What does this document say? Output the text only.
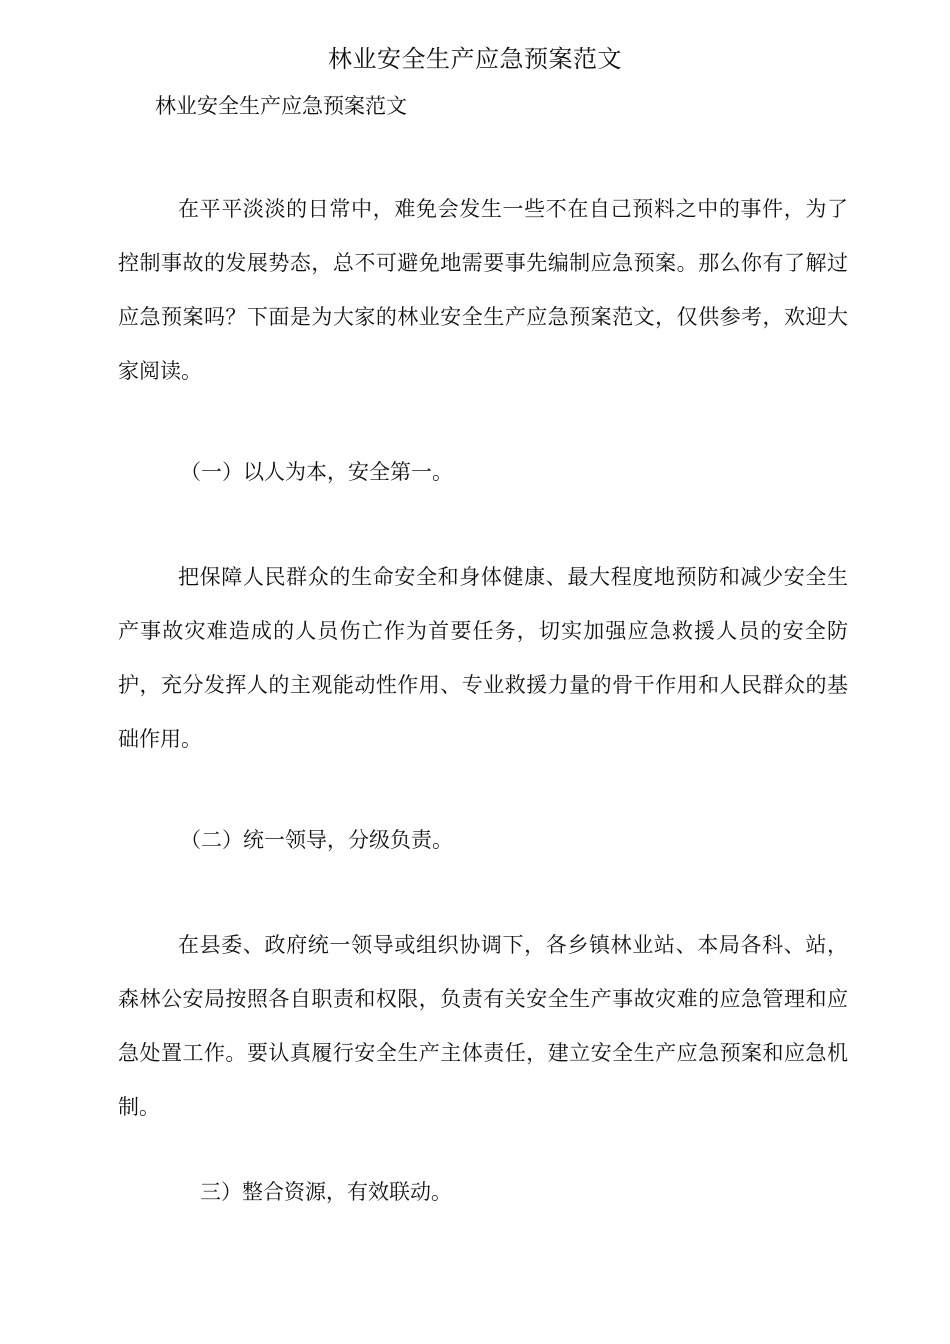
林业安全生产应急预案范文
林业安全生产应急预案范文

在平平淡淡的日常中，难免会发生一些不在自己预料之中的事件，为了控制事故的发展势态，总不可避免地需要事先编制应急预案。那么你有了解过应急预案吗？下面是为大家的林业安全生产应急预案范文，仅供参考，欢迎大家阅读。

（一）以人为本，安全第一。

把保障人民群众的生命安全和身体健康、最大程度地预防和减少安全生产事故灾难造成的人员伤亡作为首要任务，切实加强应急救援人员的安全防护，充分发挥人的主观能动性作用、专业救援力量的骨干作用和人民群众的基础作用。

（二）统一领导，分级负责。

在县委、政府统一领导或组织协调下，各乡镇林业站、本局各科、站，森林公安局按照各自职责和权限，负责有关安全生产事故灾难的应急管理和应急处置工作。要认真履行安全生产主体责任，建立安全生产应急预案和应急机制。

三）整合资源，有效联动。
